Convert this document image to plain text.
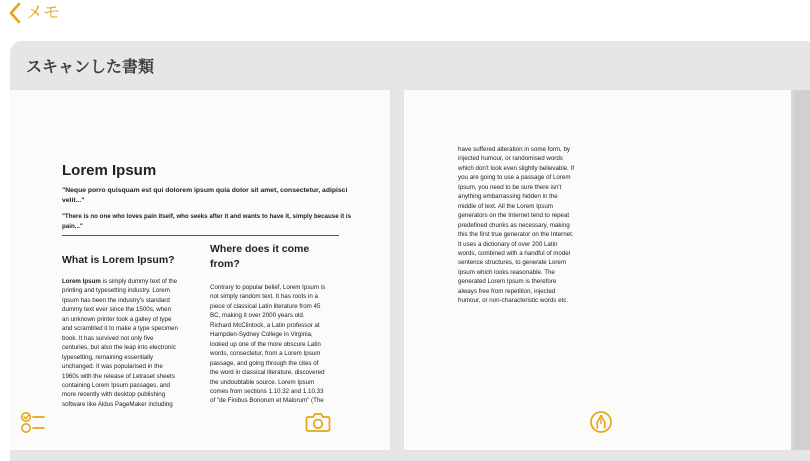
メモ
スキャンした書類
Lorem Ipsum
"Neque porro quisquam est qui dolorem ipsum quia dolor sit amet, consectetur, adipisci velit..."
"There is no one who loves pain itself, who seeks after it and wants to have it, simply because it is pain..."
What is Lorem Ipsum?
Where does it come from?
Lorem Ipsum is simply dummy text of the
printing and typesetting industry. Lorem
Ipsum has been the industry's standard
dummy text ever since the 1500s, when
an unknown printer took a galley of type
and scrambled it to make a type specimen
book. It has survived not only five
centuries, but also the leap into electronic
typesetting, remaining essentially
unchanged. It was popularised in the
1960s with the release of Letraset sheets
containing Lorem Ipsum passages, and
more recently with desktop publishing
software like Aldus PageMaker including
Contrary to popular belief, Lorem Ipsum is
not simply random text. It has roots in a
piece of classical Latin literature from 45
BC, making it over 2000 years old.
Richard McClintock, a Latin professor at
Hampden-Sydney College in Virginia,
looked up one of the more obscure Latin
words, consectetur, from a Lorem Ipsum
passage, and going through the cites of
the word in classical literature, discovered
the undoubtable source. Lorem Ipsum
comes from sections 1.10.32 and 1.10.33
of "de Finibus Bonorum et Malorum" (The
have suffered alteration in some form, by
injected humour, or randomised words
which don't look even slightly believable. If
you are going to use a passage of Lorem
Ipsum, you need to be sure there isn't
anything embarrassing hidden in the
middle of text. All the Lorem Ipsum
generators on the Internet tend to repeat
predefined chunks as necessary, making
this the first true generator on the Internet.
It uses a dictionary of over 200 Latin
words, combined with a handful of model
sentence structures, to generate Lorem
Ipsum which looks reasonable. The
generated Lorem Ipsum is therefore
always free from repetition, injected
humour, or non-characteristic words etc.
